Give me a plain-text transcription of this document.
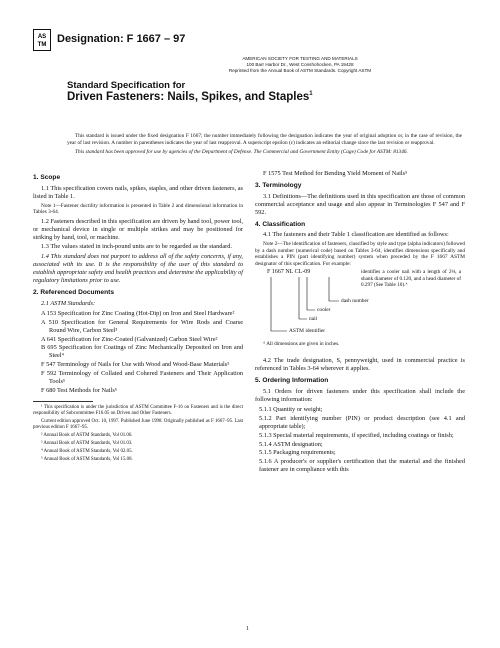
AS
TM Designation: F 1667 – 97
AMERICAN SOCIETY FOR TESTING AND MATERIALS
100 Barr Harbor Dr., West Conshohocken, PA 19428
Reprinted from the Annual Book of ASTM Standards. Copyright ASTM
Standard Specification for
Driven Fasteners: Nails, Spikes, and Staples$^1$

This standard is issued under the fixed designation F 1667; the number immediately following the designation indicates the year of original adoption or, in the case of revision, the year of last revision. A number in parentheses indicates the year of last reapproval. A superscript epsilon (ε) indicates an editorial change since the last revision or reapproval.

This standard has been approved for use by agencies of the Department of Defense. The Commercial and Government Entity (Cage) Code for ASTM: 81346.

1. Scope

1.1 This specification covers nails, spikes, staples, and other driven fasteners, as listed in Table 1.

Note 1—Fastener ductility information is presented in Table 2 and dimensional information in Tables 3-64.

1.2 Fasteners described in this specification are driven by hand tool, power tool, or mechanical device in single or multiple strikes and may be positioned for striking by hand, tool, or machine.

1.3 The values stated in inch-pound units are to be regarded as the standard.

1.4 This standard does not purport to address all of the safety concerns, if any, associated with its use. It is the responsibility of the user of this standard to establish appropriate safety and health practices and determine the applicability of regulatory limitations prior to use.

2. Referenced Documents

2.1 ASTM Standards:

A 153 Specification for Zinc Coating (Hot-Dip) on Iron and Steel Hardware²
A 510 Specification for General Requirements for Wire Rods and Coarse Round Wire, Carbon Steel³
A 641 Specification for Zinc-Coated (Galvanized) Carbon Steel Wire²
B 695 Specification for Coatings of Zinc Mechanically Deposited on Iron and Steel⁴
F 547 Terminology of Nails for Use with Wood and Wood-Base Materials⁵
F 592 Terminology of Collated and Cohered Fasteners and Their Application Tools⁵
F 680 Test Methods for Nails⁵

¹ This specification is under the jurisdiction of ASTM Committee F-16 on Fasteners and is the direct responsibility of Subcommittee F16.05 on Driven and Other Fasteners.

Current edition approved Oct. 10, 1997. Published June 1998. Originally published as F 1667–95. Last previous edition F 1667–95.

² Annual Book of ASTM Standards, Vol 01.06.

³ Annual Book of ASTM Standards, Vol 01.03.

⁴ Annual Book of ASTM Standards, Vol 02.05.

⁵ Annual Book of ASTM Standards, Vol 15.08.

F 1575 Test Method for Bending Yield Moment of Nails⁵
3. Terminology

3.1 Definitions—The definitions used in this specification are those of common commercial acceptance and usage and also appear in Terminologies F 547 and F 592.

4. Classification

4.1 The fasteners and their Table 1 classification are identified as follows:

Note 2—The identification of fasteners, classified by style and type (alpha indicators) followed by a dash number (numerical code) based on Tables 3-64, identifies dimensions specifically and establishes a PIN (part identifying number) system when preceded by the F 1667 ASTM designator of this specification. For example:

F 1667 NL CL-09	identifies a cooler nail with a length of 2⅛, a shank diameter of 0.120, and a head diameter of 0.297 (See Table 10).ᴬ
dash number
cooler
nail
ASTM identifier
ᴬ All dimensions are given in inches.

4.2 The trade designation, S, pennyweight, used in commercial practice is referenced in Tables 3-64 wherever it applies.

5. Ordering Information

5.1 Orders for driven fasteners under this specification shall include the following information:

5.1.1 Quantity or weight;
5.1.2 Part identifying number (PIN) or product description (see 4.1 and appropriate table);
5.1.3 Special material requirements, if specified, including coatings or finish;
5.1.4 ASTM designation;
5.1.5 Packaging requirements;
5.1.6 A producer's or supplier's certification that the material and the finished fastener are in compliance with this
1
